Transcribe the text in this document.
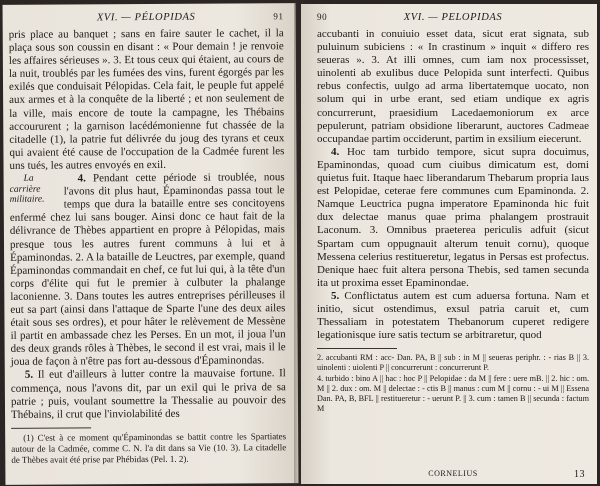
XVI. — PÉLOPIDAS	91

pris place au banquet ; sans en faire sauter le cachet, il la plaça sous son coussin en disant : « Pour demain ! je renvoie les affaires sérieuses ». 3. Et tous ceux qui étaient, au cours de la nuit, troublés par les fumées des vins, furent égorgés par les exilés que conduisait Pélopidas. Cela fait, le peuple fut appelé aux armes et à la conquête de la liberté ; et non seulement de la ville, mais encore de toute la campagne, les Thébains accoururent ; la garnison lacédémonienne fut chassée de la citadelle (1), la patrie fut délivrée du joug des tyrans et ceux qui avaient été cause de l'occupation de la Cadmée furent les uns tués, les autres envoyés en exil.

La carrière militaire.
4. Pendant cette période si troublée, nous l'avons dit plus haut, Épaminondas passa tout le temps que dura la bataille entre ses concitoyens enfermé chez lui sans bouger. Ainsi donc ce haut fait de la délivrance de Thèbes appartient en propre à Pélopidas, mais presque tous les autres furent communs à lui et à Épaminondas. 2. A la bataille de Leuctres, par exemple, quand Épaminondas commandait en chef, ce fut lui qui, à la tête d'un corps d'élite qui fut le premier à culbuter la phalange laconienne. 3. Dans toutes les autres entreprises périlleuses il eut sa part (ainsi dans l'attaque de Sparte l'une des deux ailes était sous ses ordres), et pour hâter le relèvement de Messène il partit en ambassade chez les Perses. En un mot, il joua l'un des deux grands rôles à Thèbes, le second il est vrai, mais il le joua de façon à n'être pas fort au-dessous d'Épaminondas.

5. Il eut d'ailleurs à lutter contre la mauvaise fortune. Il commença, nous l'avons dit, par un exil qui le priva de sa patrie ; puis, voulant soumettre la Thessalie au pouvoir des Thébains, il crut que l'inviolabilité des

(1) C'est à ce moment qu'Épaminondas se battit contre les Spartiates autour de la Cadmée, comme C. N. l'a dit dans sa Vie (10. 3). La citadelle de Thèbes avait été prise par Phébidas (Pel. 1. 2).

90	XVI. — PELOPIDAS

accubanti in conuiuio esset data, sicut erat signata, sub puluinum subiciens : « In crastinum » inquit « differo res seueras ». 3. At illi omnes, cum iam nox processisset, uinolenti ab exulibus duce Pelopida sunt interfecti. Quibus rebus confectis, uulgo ad arma libertatemque uocato, non solum qui in urbe erant, sed etiam undique ex agris concurrerunt, praesidium Lacedaemoniorum ex arce pepulerunt, patriam obsidione liberarunt, auctores Cadmeae occupandae partim occiderunt, partim in exsilium eiecerunt.

4. Hoc tam turbido tempore, sicut supra docuimus, Epaminondas, quoad cum ciuibus dimicatum est, domi quietus fuit. Itaque haec liberandarum Thebarum propria laus est Pelopidae, ceterae fere communes cum Epaminonda. 2. Namque Leuctrica pugna imperatore Epaminonda hic fuit dux delectae manus quae prima phalangem prostrauit Laconum. 3. Omnibus praeterea periculis adfuit (sicut Spartam cum oppugnauit alterum tenuit cornu), quoque Messena celerius restitueretur, legatus in Persas est profectus. Denique haec fuit altera persona Thebis, sed tamen secunda ita ut proxima esset Epaminondae.

5. Conflictatus autem est cum aduersa fortuna. Nam et initio, sicut ostendimus, exsul patria caruit et, cum Thessaliam in potestatem Thebanorum cuperet redigere legationisque iure satis tectum se arbitraretur, quod

2. accubanti RM : acc- Dan. PA, B || sub : in M || seueras periphr. : - rias B || 3. uinolenti : uiolenti P || concurrerunt : concurrerunt P.

4. turbido : bino A || hac : hoc P || Pelopidae : da M || fere : uere mB. || 2. hic : om. M || 2. dux : om. M || delectae : - ctis B || manus : cum M || cornu : - ui M || Essena Dan. PA, B, BFL || restitueretur : - uerunt P. || 3. cum : tamen B || secunda : factum M

CORNELIUS	13
